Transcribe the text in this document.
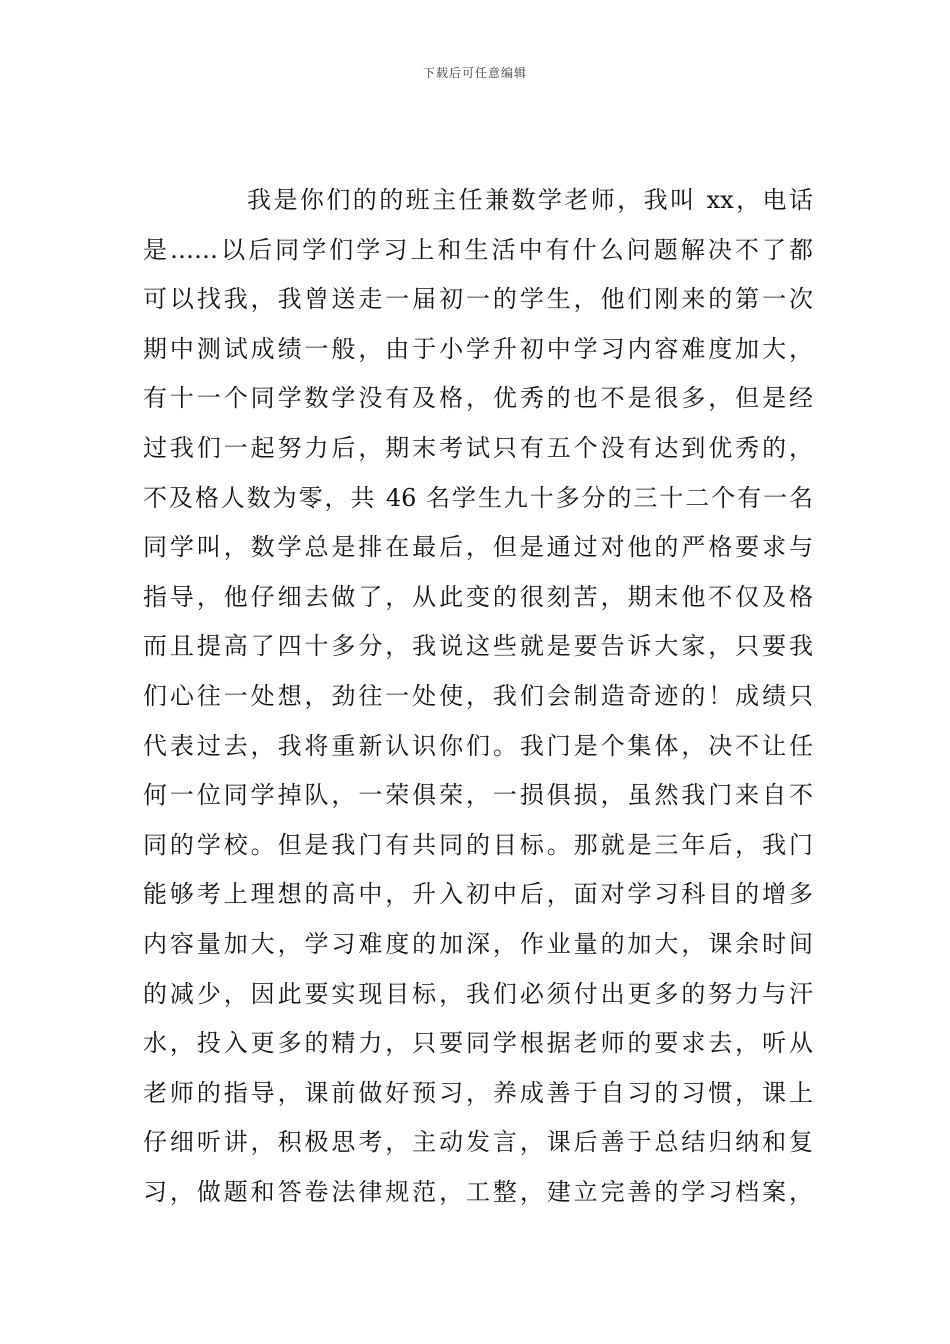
下载后可任意编辑
我是你们的的班主任兼数学老师，我叫 xx，电话
是……以后同学们学习上和生活中有什么问题解决不了都
可以找我，我曾送走一届初一的学生，他们刚来的第一次
期中测试成绩一般，由于小学升初中学习内容难度加大，
有十一个同学数学没有及格，优秀的也不是很多，但是经
过我们一起努力后，期末考试只有五个没有达到优秀的，
不及格人数为零，共 46 名学生九十多分的三十二个有一名
同学叫，数学总是排在最后，但是通过对他的严格要求与
指导，他仔细去做了，从此变的很刻苦，期末他不仅及格
而且提高了四十多分，我说这些就是要告诉大家，只要我
们心往一处想，劲往一处使，我们会制造奇迹的！成绩只
代表过去，我将重新认识你们。我门是个集体，决不让任
何一位同学掉队，一荣俱荣，一损俱损，虽然我门来自不
同的学校。但是我门有共同的目标。那就是三年后，我门
能够考上理想的高中，升入初中后，面对学习科目的增多
内容量加大，学习难度的加深，作业量的加大，课余时间
的减少，因此要实现目标，我们必须付出更多的努力与汗
水，投入更多的精力，只要同学根据老师的要求去，听从
老师的指导，课前做好预习，养成善于自习的习惯，课上
仔细听讲，积极思考，主动发言，课后善于总结归纳和复
习，做题和答卷法律规范，工整，建立完善的学习档案，
